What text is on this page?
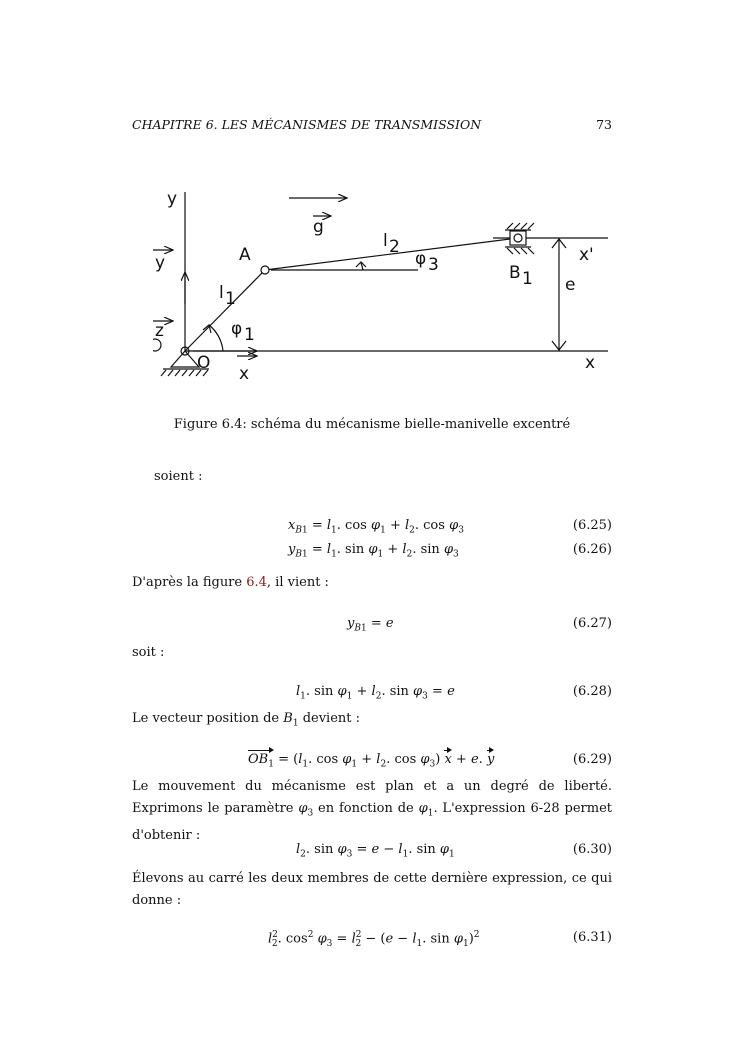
CHAPITRE 6. LES MÉCANISMES DE TRANSMISSION	73
y
x
x'
g
y
z
x
A
O
B 1
l 1
l 2
φ 1
φ 3
e
Figure 6.4: schéma du mécanisme bielle-manivelle excentré
soient :
$x_{B1} = l_1$. $\cos \varphi_1 + l_2$. $\cos \varphi_3$	(6.25)
$y_{B1} = l_1$. $\sin \varphi_1 + l_2$. $\sin \varphi_3$	(6.26)
D'après la figure 6.4, il vient :
$y_{B1} = e$	(6.27)
soit :
$l_1$. $\sin \varphi_1 + l_2$. $\sin \varphi_3 = e$	(6.28)
Le vecteur position de $B_1$ devient :
$OB_1 = (l_1$. $\cos \varphi_1 + l_2$. $\cos \varphi_3$) x + e. y	(6.29)
Le mouvement du mécanisme est plan et a un degré de liberté. Exprimons le paramètre $\varphi_3$ en fonction de $\varphi_1$. L'expression 6-28 permet d'obtenir :
$l_2$. $\sin \varphi_3 = e - l_1$. $\sin \varphi_1$	(6.30)
Élevons au carré les deux membres de cette dernière expression, ce qui donne :
$l^2_2$. $\cos^2 \varphi_3 = l^2_2 - (e - l_1$. $\sin \varphi_1)^2$	(6.31)
